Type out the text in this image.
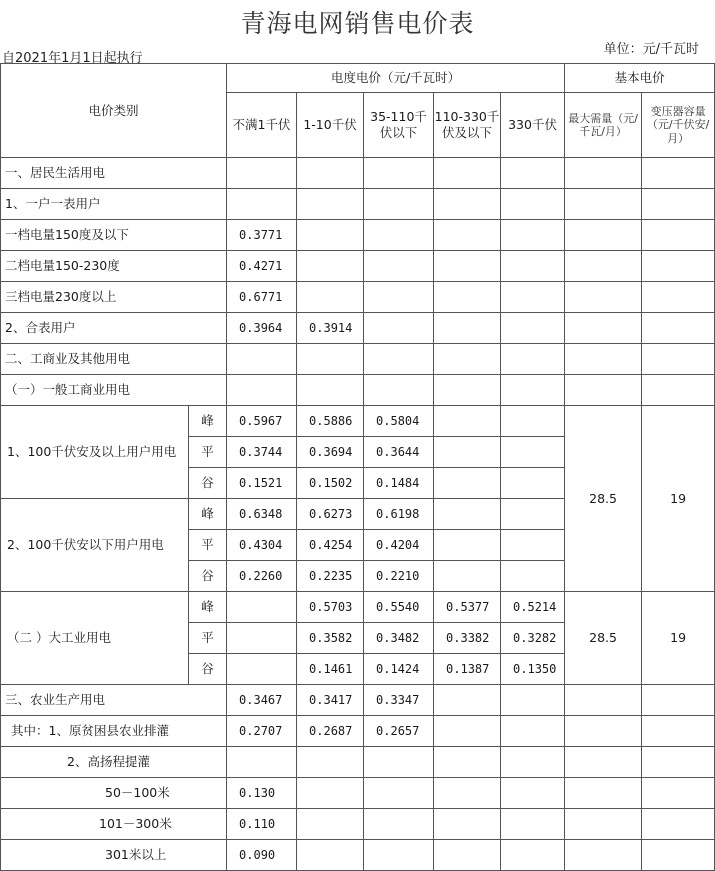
青海电网销售电价表
自2021年1月1日起执行
单位：元/千瓦时
电价类别		电度电价（元/千瓦时）					基本电价	
		不满1千伏	1-10千伏	35-110千伏以下	110-330千伏及以下	330千伏	最大需量（元/千瓦/月）	变压器容量（元/千伏安/月）
一、居民生活用电								
1、一户一表用户								
一档电量150度及以下		0.3771						
二档电量150-230度		0.4271						
三档电量230度以上		0.6771						
2、合表用户		0.3964	0.3914					
二、工商业及其他用电								
（一）一般工商业用电								
1、100千伏安及以上用户用电	峰	0.5967	0.5886	0.5804			28.5	19
	平	0.3744	0.3694	0.3644				
	谷	0.1521	0.1502	0.1484				
2、100千伏安以下用户用电	峰	0.6348	0.6273	0.6198				
	平	0.4304	0.4254	0.4204				
	谷	0.2260	0.2235	0.2210				
（二 ）大工业用电	峰		0.5703	0.5540	0.5377	0.5214	28.5	19
	平		0.3582	0.3482	0.3382	0.3282		
	谷		0.1461	0.1424	0.1387	0.1350		
三、农业生产用电		0.3467	0.3417	0.3347				
其中：1、原贫困县农业排灌		0.2707	0.2687	0.2657				
2、高扬程提灌								
50－100米		0.130						
101－300米		0.110						
301米以上		0.090						
